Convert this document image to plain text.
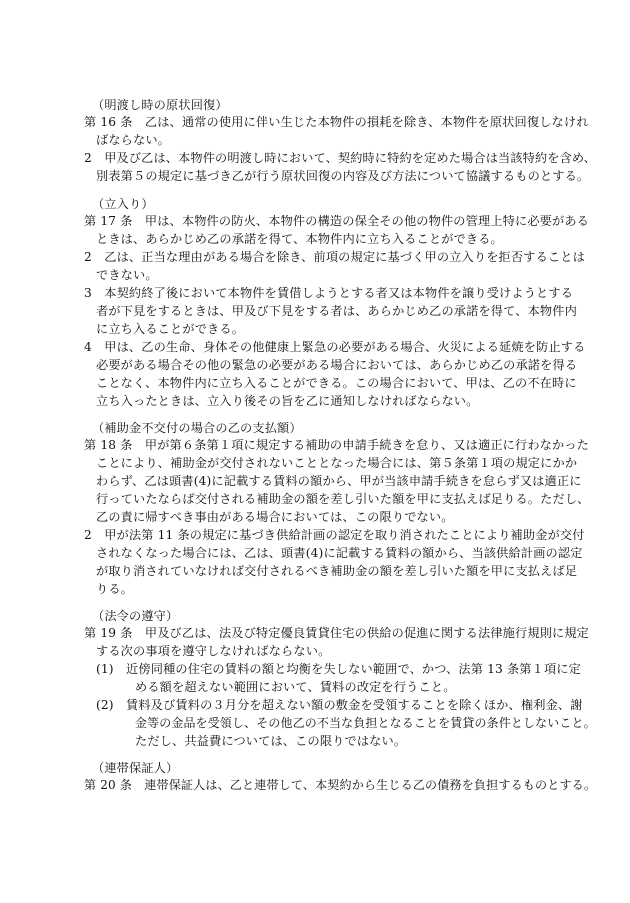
（明渡し時の原状回復）
第 16 条　乙は、通常の使用に伴い生じた本物件の損耗を除き、本物件を原状回復しなけれ
ばならない。
2　甲及び乙は、本物件の明渡し時において、契約時に特約を定めた場合は当該特約を含め、
別表第５の規定に基づき乙が行う原状回復の内容及び方法について協議するものとする。
（立入り）
第 17 条　甲は、本物件の防火、本物件の構造の保全その他の物件の管理上特に必要がある
ときは、あらかじめ乙の承諾を得て、本物件内に立ち入ることができる。
2　乙は、正当な理由がある場合を除き、前項の規定に基づく甲の立入りを拒否することは
できない。
3　本契約終了後において本物件を賃借しようとする者又は本物件を譲り受けようとする
者が下見をするときは、甲及び下見をする者は、あらかじめ乙の承諾を得て、本物件内
に立ち入ることができる。
4　甲は、乙の生命、身体その他健康上緊急の必要がある場合、火災による延焼を防止する
必要がある場合その他の緊急の必要がある場合においては、あらかじめ乙の承諾を得る
ことなく、本物件内に立ち入ることができる。この場合において、甲は、乙の不在時に
立ち入ったときは、立入り後その旨を乙に通知しなければならない。
（補助金不交付の場合の乙の支払額）
第 18 条　甲が第６条第１項に規定する補助の申請手続きを怠り、又は適正に行わなかった
ことにより、補助金が交付されないこととなった場合には、第５条第１項の規定にかか
わらず、乙は頭書(4)に記載する賃料の額から、甲が当該申請手続きを怠らず又は適正に
行っていたならば交付される補助金の額を差し引いた額を甲に支払えば足りる。ただし、
乙の責に帰すべき事由がある場合においては、この限りでない。
2　甲が法第 11 条の規定に基づき供給計画の認定を取り消されたことにより補助金が交付
されなくなった場合には、乙は、頭書(4)に記載する賃料の額から、当該供給計画の認定
が取り消されていなければ交付されるべき補助金の額を差し引いた額を甲に支払えば足
りる。
（法令の遵守）
第 19 条　甲及び乙は、法及び特定優良賃貸住宅の供給の促進に関する法律施行規則に規定
する次の事項を遵守しなければならない。
(1)　近傍同種の住宅の賃料の額と均衡を失しない範囲で、かつ、法第 13 条第１項に定
める額を超えない範囲において、賃料の改定を行うこと。
(2)　賃料及び賃料の３月分を超えない額の敷金を受領することを除くほか、権利金、謝
金等の金品を受領し、その他乙の不当な負担となることを賃貸の条件としないこと。
ただし、共益費については、この限りではない。
（連帯保証人）
第 20 条　連帯保証人は、乙と連帯して、本契約から生じる乙の債務を負担するものとする。
